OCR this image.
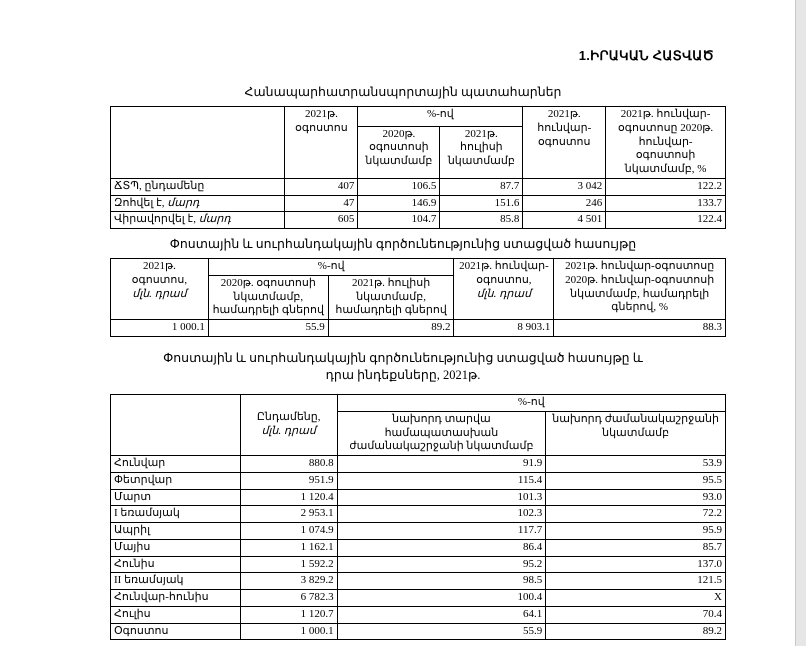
1.ԻՐԱԿԱՆ ՀԱՏՎԱԾ
Հանապարհատրանսպորտային պատահարներ
	2021թ. օգոստոս	%-ով		2021թ. հունվար-օգոստոս	2021թ. հունվար-օգոստոսը 2020թ. հունվար-օգոստոսի նկատմամբ, %
		2020թ. օգոստոսի նկատմամբ	2021թ. հուլիսի նկատմամբ		
ՃՏՊ, ընդամենը	407	106.5	87.7	3 042	122.2
Զոհվել է, մարդ	47	146.9	151.6	246	133.7
Վիրավորվել է, մարդ	605	104.7	85.8	4 501	122.4
Փոստային և սուրհանդակային գործունեությունից ստացված հասույթը
2021թ. օգոստոս,
մլն. դրամ	%-ով		2021թ. հունվար-օգոստոս,
մլն. դրամ	2021թ. հունվար-օգոստոսը 2020թ. հունվար-օգոստոսի նկատմամբ, համադրելի գներով, %
	2020թ. օգոստոսի նկատմամբ, համադրելի գներով	2021թ. հուլիսի նկատմամբ, համադրելի գներով		
1 000.1	55.9	89.2	8 903.1	88.3
Փոստային և սուրհանդակային գործունեությունից ստացված հասույթը և
դրա ինդեքսները, 2021թ.
	Ընդամենը,
մլն. դրամ	%-ով	
		նախորդ տարվա համապատասխան ժամանակաշրջանի նկատմամբ	նախորդ ժամանակաշրջանի նկատմամբ
Հունվար	880.8	91.9	53.9
Փետրվար	951.9	115.4	95.5
Մարտ	1 120.4	101.3	93.0
I եռամսյակ	2 953.1	102.3	72.2
Ապրիլ	1 074.9	117.7	95.9
Մայիս	1 162.1	86.4	85.7
Հունիս	1 592.2	95.2	137.0
II եռամսյակ	3 829.2	98.5	121.5
Հունվար-հունիս	6 782.3	100.4	X
Հուլիս	1 120.7	64.1	70.4
Օգոստոս	1 000.1	55.9	89.2
